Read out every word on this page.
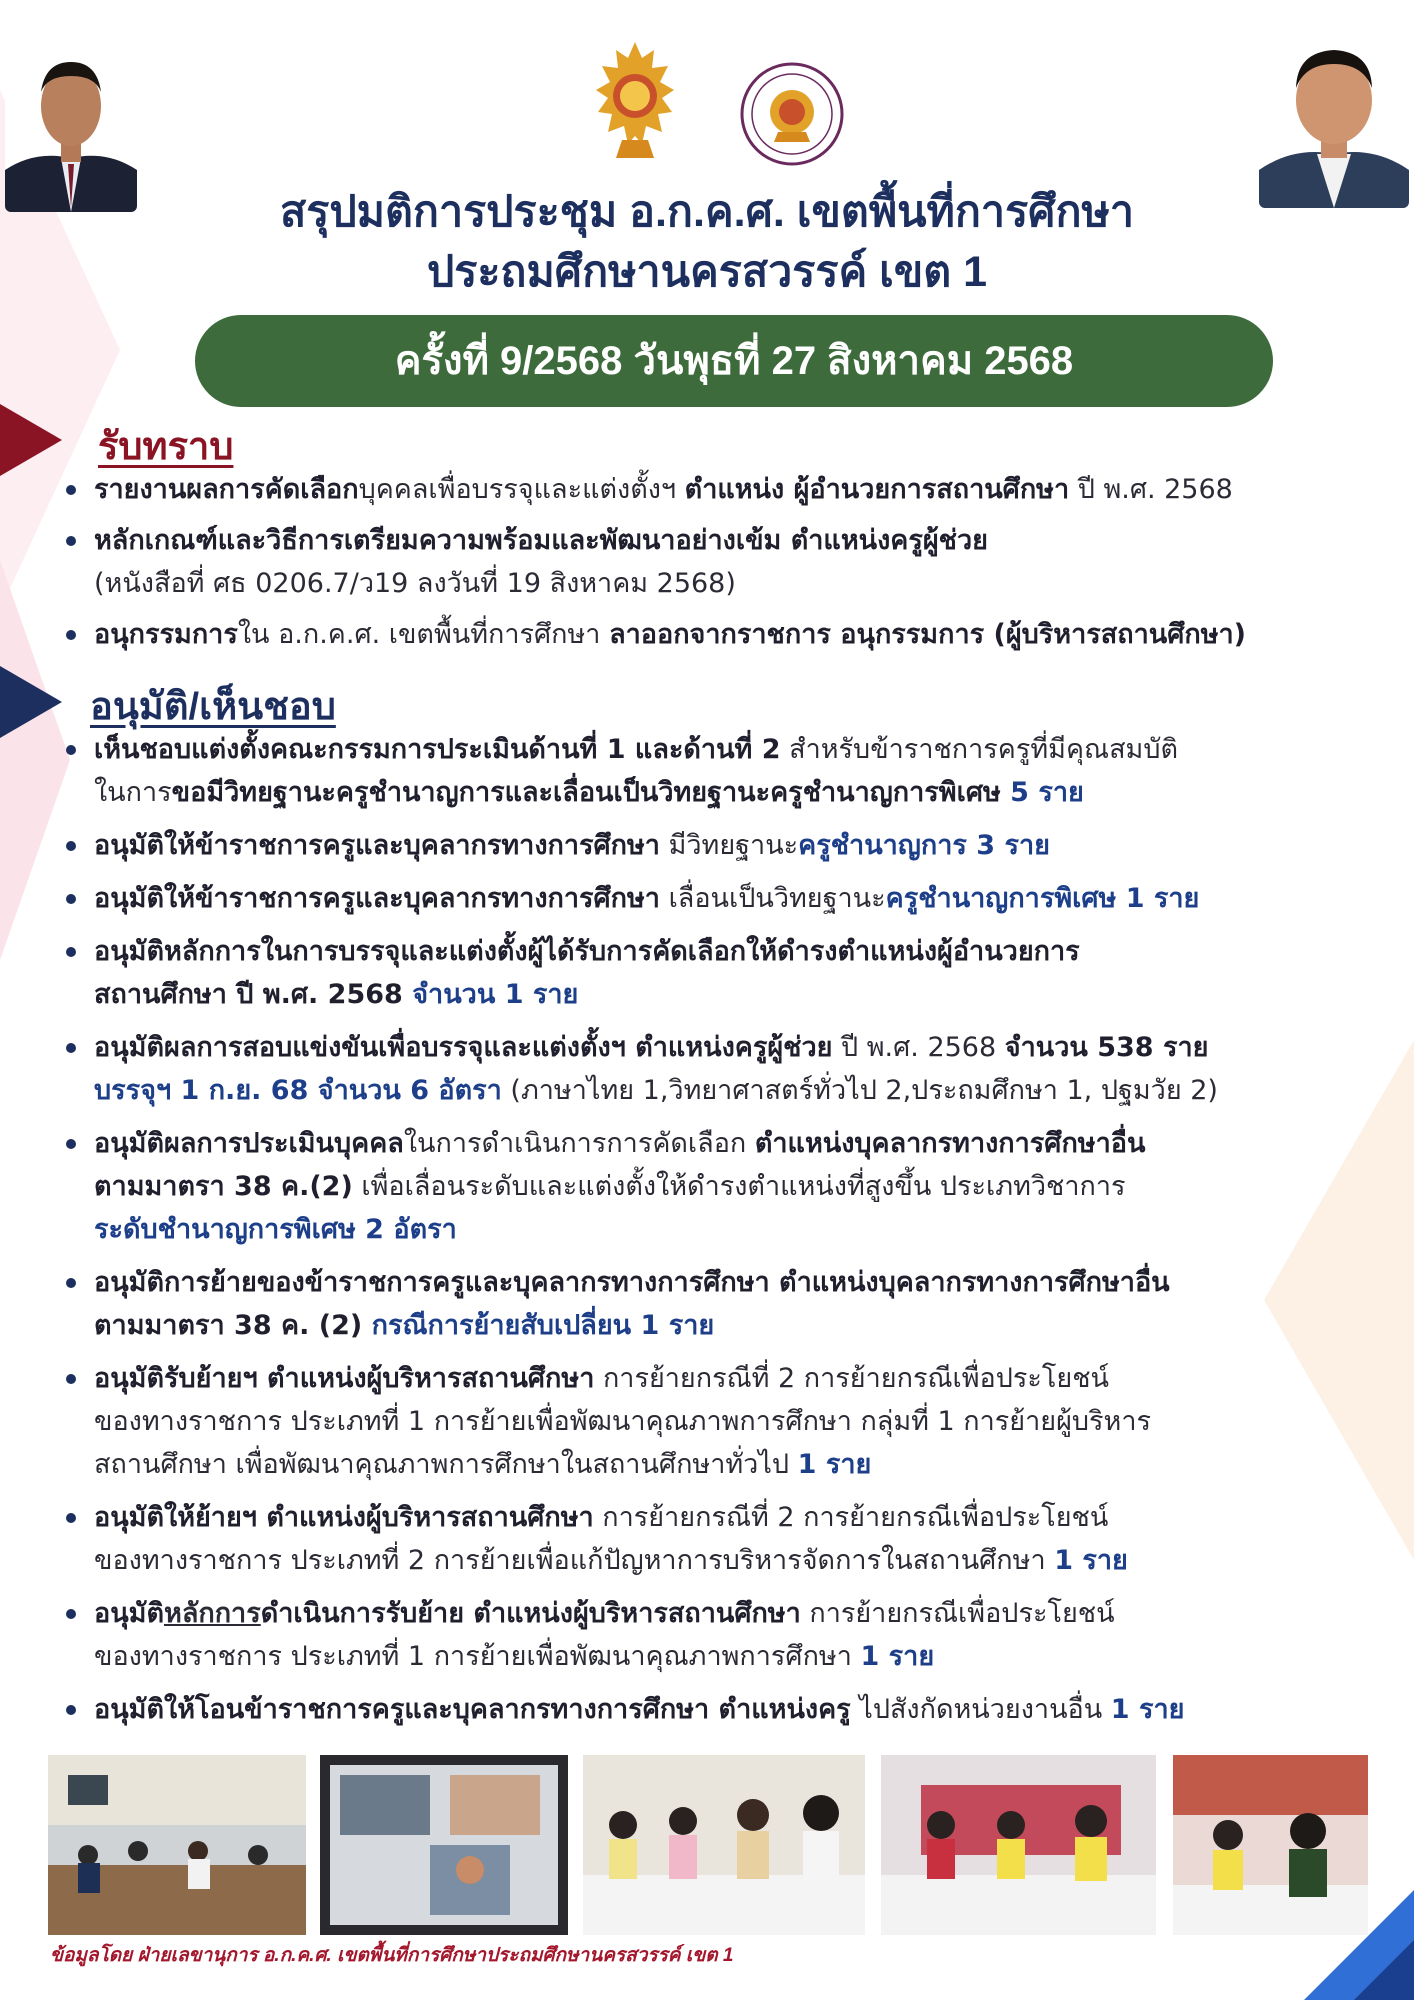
สรุปมติการประชุม อ.ก.ค.ศ. เขตพื้นที่การศึกษา
ประถมศึกษานครสวรรค์ เขต 1
ครั้งที่ 9/2568 วันพุธที่ 27 สิงหาคม 2568
รับทราบ
รายงานผลการคัดเลือกบุคคลเพื่อบรรจุและแต่งตั้งฯ ตำแหน่ง ผู้อำนวยการสถานศึกษา ปี พ.ศ. 2568
หลักเกณฑ์และวิธีการเตรียมความพร้อมและพัฒนาอย่างเข้ม ตำแหน่งครูผู้ช่วย
(หนังสือที่ ศธ 0206.7/ว19 ลงวันที่ 19 สิงหาคม 2568)
อนุกรรมการใน อ.ก.ค.ศ. เขตพื้นที่การศึกษา ลาออกจากราชการ อนุกรรมการ (ผู้บริหารสถานศึกษา)
อนุมัติ/เห็นชอบ
เห็นชอบแต่งตั้งคณะกรรมการประเมินด้านที่ 1 และด้านที่ 2 สำหรับข้าราชการครูที่มีคุณสมบัติ
ในการขอมีวิทยฐานะครูชำนาญการและเลื่อนเป็นวิทยฐานะครูชำนาญการพิเศษ 5 ราย
อนุมัติให้ข้าราชการครูและบุคลากรทางการศึกษา มีวิทยฐานะครูชำนาญการ 3 ราย
อนุมัติให้ข้าราชการครูและบุคลากรทางการศึกษา เลื่อนเป็นวิทยฐานะครูชำนาญการพิเศษ 1 ราย
อนุมัติหลักการในการบรรจุและแต่งตั้งผู้ได้รับการคัดเลือกให้ดำรงตำแหน่งผู้อำนวยการ
สถานศึกษา ปี พ.ศ. 2568 จำนวน 1 ราย
อนุมัติผลการสอบแข่งขันเพื่อบรรจุและแต่งตั้งฯ ตำแหน่งครูผู้ช่วย ปี พ.ศ. 2568 จำนวน 538 ราย
บรรจุฯ 1 ก.ย. 68 จำนวน 6 อัตรา (ภาษาไทย 1,วิทยาศาสตร์ทั่วไป 2,ประถมศึกษา 1, ปฐมวัย 2)
อนุมัติผลการประเมินบุคคลในการดำเนินการการคัดเลือก ตำแหน่งบุคลากรทางการศึกษาอื่น
ตามมาตรา 38 ค.(2) เพื่อเลื่อนระดับและแต่งตั้งให้ดำรงตำแหน่งที่สูงขึ้น ประเภทวิชาการ
ระดับชำนาญการพิเศษ 2 อัตรา
อนุมัติการย้ายของข้าราชการครูและบุคลากรทางการศึกษา ตำแหน่งบุคลากรทางการศึกษาอื่น
ตามมาตรา 38 ค. (2) กรณีการย้ายสับเปลี่ยน 1 ราย
อนุมัติรับย้ายฯ ตำแหน่งผู้บริหารสถานศึกษา การย้ายกรณีที่ 2 การย้ายกรณีเพื่อประโยชน์
ของทางราชการ ประเภทที่ 1 การย้ายเพื่อพัฒนาคุณภาพการศึกษา กลุ่มที่ 1 การย้ายผู้บริหาร
สถานศึกษา เพื่อพัฒนาคุณภาพการศึกษาในสถานศึกษาทั่วไป 1 ราย
อนุมัติให้ย้ายฯ ตำแหน่งผู้บริหารสถานศึกษา การย้ายกรณีที่ 2 การย้ายกรณีเพื่อประโยชน์
ของทางราชการ ประเภทที่ 2 การย้ายเพื่อแก้ปัญหาการบริหารจัดการในสถานศึกษา 1 ราย
อนุมัติหลักการดำเนินการรับย้าย ตำแหน่งผู้บริหารสถานศึกษา การย้ายกรณีเพื่อประโยชน์
ของทางราชการ ประเภทที่ 1 การย้ายเพื่อพัฒนาคุณภาพการศึกษา 1 ราย
อนุมัติให้โอนข้าราชการครูและบุคลากรทางการศึกษา ตำแหน่งครู ไปสังกัดหน่วยงานอื่น 1 ราย
ข้อมูลโดย ฝ่ายเลขานุการ อ.ก.ค.ศ. เขตพื้นที่การศึกษาประถมศึกษานครสวรรค์ เขต 1
